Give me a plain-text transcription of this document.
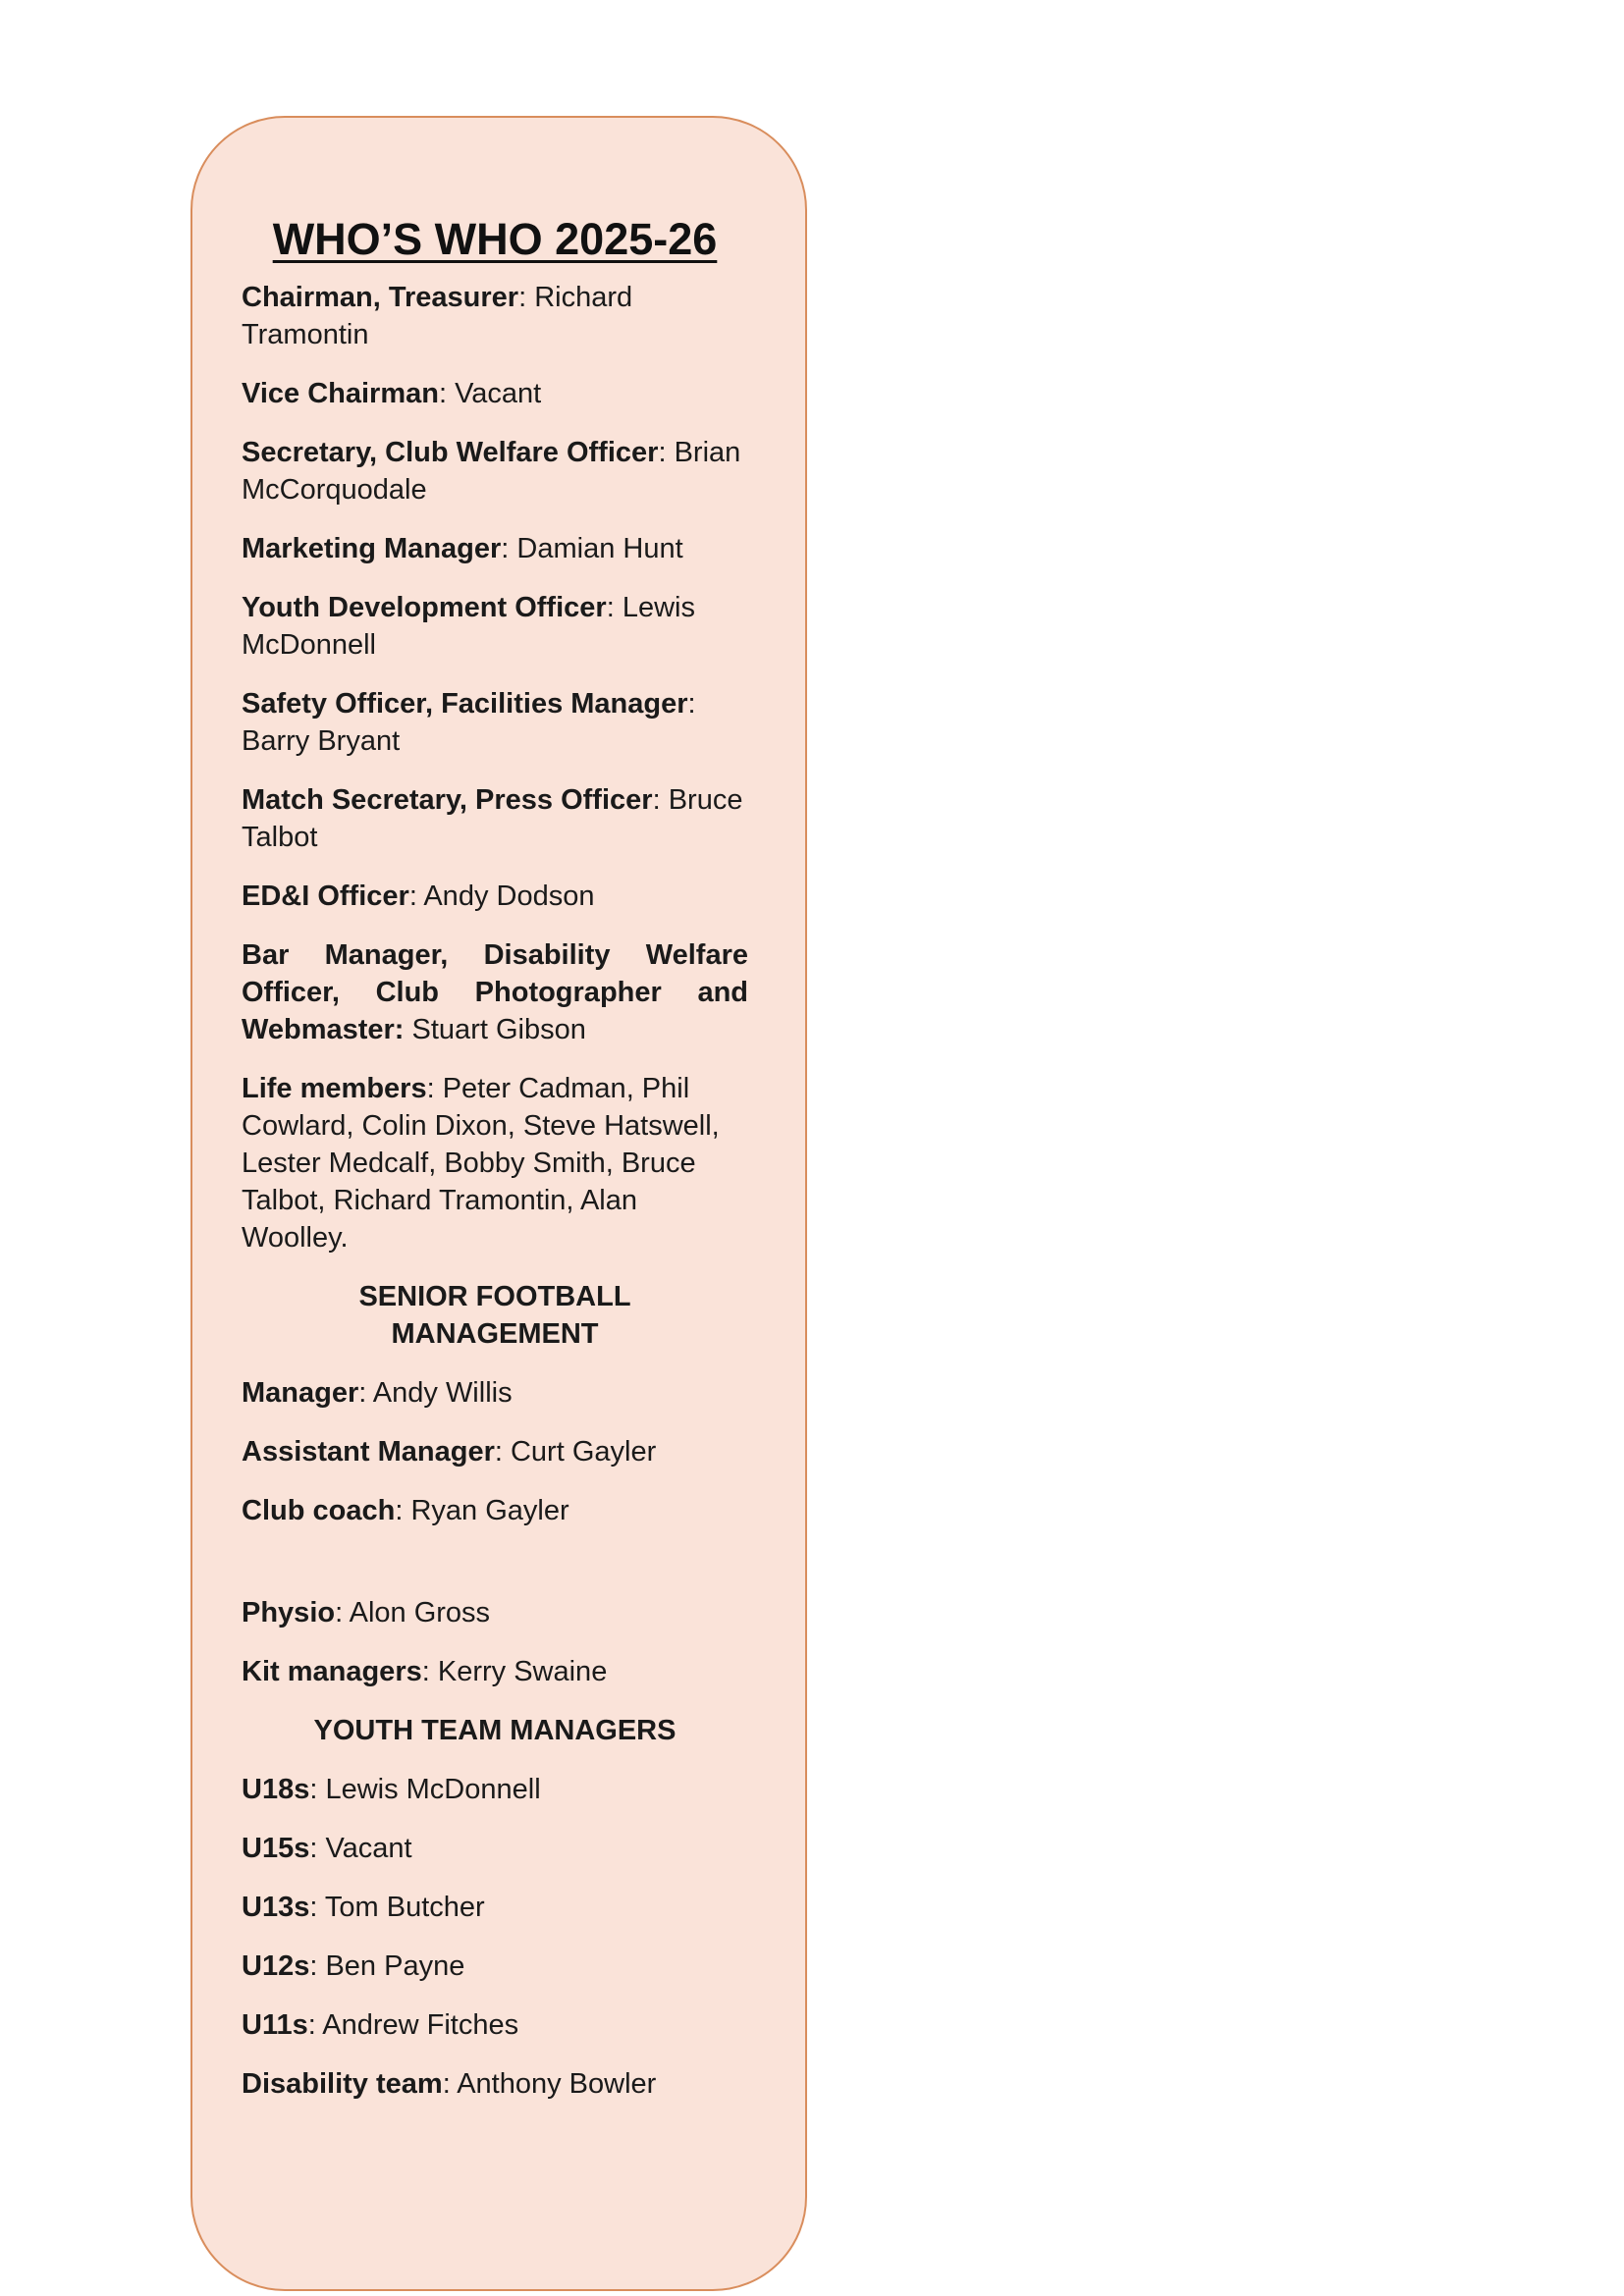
WHO’S WHO 2025-26
Chairman, Treasurer: Richard Tramontin
Vice Chairman: Vacant
Secretary, Club Welfare Officer: Brian McCorquodale
Marketing Manager: Damian Hunt
Youth Development Officer: Lewis McDonnell
Safety Officer, Facilities Manager: Barry Bryant
Match Secretary, Press Officer: Bruce Talbot
ED&I Officer: Andy Dodson
Bar Manager, Disability Welfare Officer, Club Photographer and Webmaster: Stuart Gibson
Life members: Peter Cadman, Phil Cowlard, Colin Dixon, Steve Hatswell, Lester Medcalf, Bobby Smith, Bruce Talbot, Richard Tramontin, Alan Woolley.
SENIOR FOOTBALL MANAGEMENT
Manager: Andy Willis
Assistant Manager: Curt Gayler
Club coach: Ryan Gayler
Physio: Alon Gross
Kit managers: Kerry Swaine
YOUTH TEAM MANAGERS
U18s: Lewis McDonnell
U15s: Vacant
U13s: Tom Butcher
U12s: Ben Payne
U11s: Andrew Fitches
Disability team: Anthony Bowler
